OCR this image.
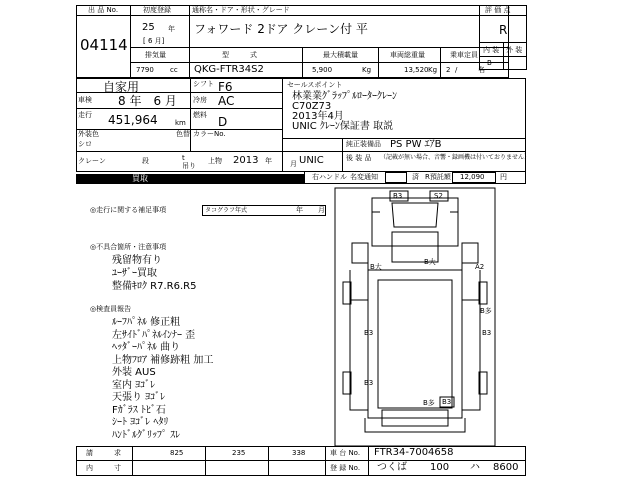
出 品 No.
04114
初度登録
25 年
[ 6 月]
通称名・ドア・形状・グレード
フォワード 2ドア クレーン付 平
排気量	型　　　式	最大積載量	車両総重量	乗車定員
7790 cc QKG-FTR34S2	5,900	Kg	13,520 Kg 2 /	名
評 価 点
R
内 装 外 装
B
自家用
車検 8 年　6 月
走行 451,964 km
外装色
シロ
色替 カラーNo.
シフト F6
冷房 AC
燃料 D
クレーン	段	t
吊り
上物 2013 年	月 UNIC
セールスポイント
林業業ｸﾞﾗｯﾌﾟﾙﾛｰﾀｰｸﾚｰﾝ
C70Z73
2013年4月
UNIC ｸﾚｰﾝ保証書 取説
純正装備品 PS PW ｴｱB
後 装 品 （記載が無い場合、音響・録画機は付いておりません）
買取	右ハンドル 名変通知	済 R預託額 12,090 円
◎走行に関する補足事項	タコグラフ年式	年 月
◎不具合箇所・注意事項
残留物有り
ﾕｰｻﾞｰ買取
整備ｷﾛｸ R7.R6.R5
◎検査員報告
ﾙｰﾌﾊﾟﾈﾙ 修正粗
左ｻｲﾄﾞﾊﾟﾈﾙｲﾝﾅｰ 歪
ﾍｯﾀﾞｰﾊﾟﾈﾙ 曲り
上物ﾌﾛｱ 補修跡粗 加工
外装 AUS
室内 ﾖｺﾞﾚ
天張り ﾖｺﾞﾚ
Fｶﾞﾗｽ ﾄﾋﾞ石
ｼｰﾄ ﾖｺﾞﾚ ﾍﾀﾘ
ﾊﾝﾄﾞﾙｸﾞﾘｯﾌﾟ ｽﾚ
B3	S2
B大
B大
A2
B3
B多
B3
B3
B多 B3
請　　　求	825	235	338
内　　　寸
車 台 No. FTR34-7004658
登 録 No. つくば 100 ハ 8600
